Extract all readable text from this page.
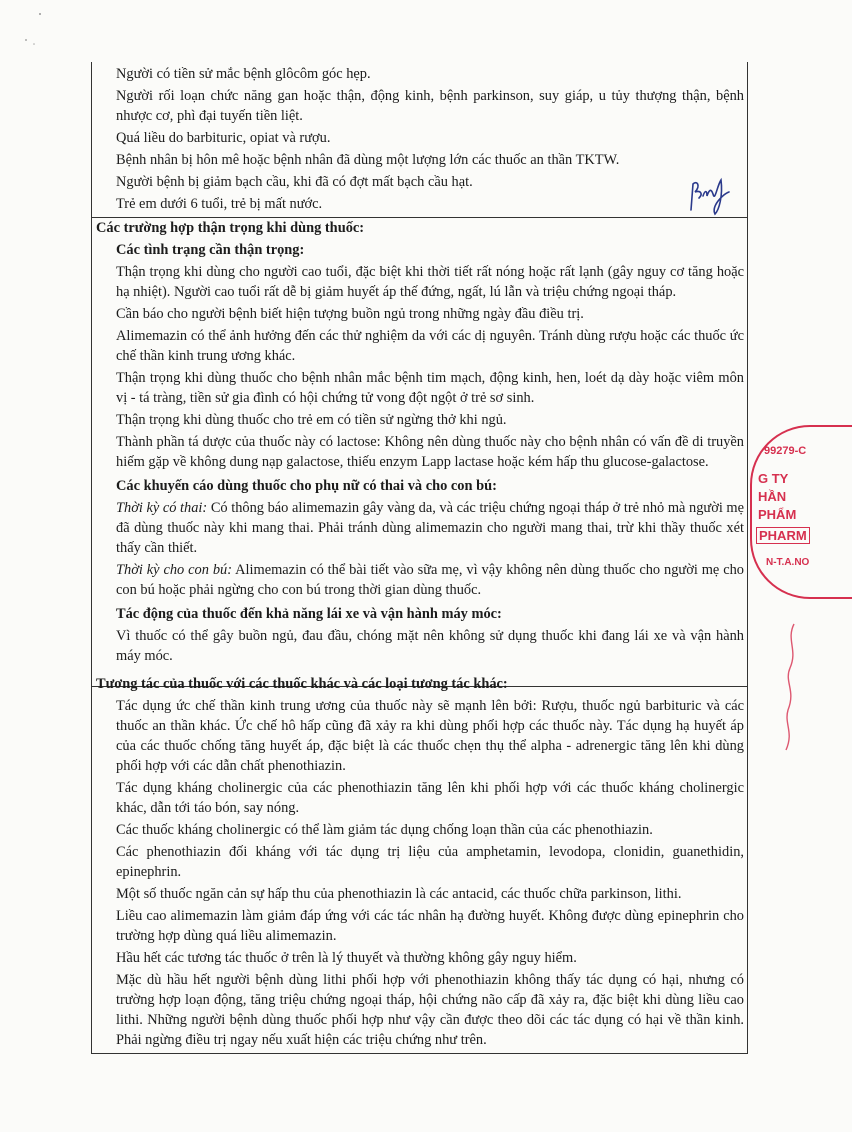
Người có tiền sử mắc bệnh glôcôm góc hẹp.

Người rối loạn chức năng gan hoặc thận, động kinh, bệnh parkinson, suy giáp, u tủy thượng thận, bệnh nhược cơ, phì đại tuyến tiền liệt.

Quá liều do barbituric, opiat và rượu.

Bệnh nhân bị hôn mê hoặc bệnh nhân đã dùng một lượng lớn các thuốc an thần TKTW.

Người bệnh bị giảm bạch cầu, khi đã có đợt mất bạch cầu hạt.

Trẻ em dưới 6 tuổi, trẻ bị mất nước.

Các trường hợp thận trọng khi dùng thuốc:

Các tình trạng cần thận trọng:

Thận trọng khi dùng cho người cao tuổi, đặc biệt khi thời tiết rất nóng hoặc rất lạnh (gây nguy cơ tăng hoặc hạ nhiệt). Người cao tuổi rất dễ bị giảm huyết áp thế đứng, ngất, lú lẫn và triệu chứng ngoại tháp.

Cần báo cho người bệnh biết hiện tượng buồn ngủ trong những ngày đầu điều trị.

Alimemazin có thể ảnh hưởng đến các thử nghiệm da với các dị nguyên. Tránh dùng rượu hoặc các thuốc ức chế thần kinh trung ương khác.

Thận trọng khi dùng thuốc cho bệnh nhân mắc bệnh tim mạch, động kinh, hen, loét dạ dày hoặc viêm môn vị - tá tràng, tiền sử gia đình có hội chứng tử vong đột ngột ở trẻ sơ sinh.

Thận trọng khi dùng thuốc cho trẻ em có tiền sử ngừng thở khi ngủ.

Thành phần tá dược của thuốc này có lactose: Không nên dùng thuốc này cho bệnh nhân có vấn đề di truyền hiếm gặp về không dung nạp galactose, thiếu enzym Lapp lactase hoặc kém hấp thu glucose-galactose.

Các khuyến cáo dùng thuốc cho phụ nữ có thai và cho con bú:

Thời kỳ có thai: Có thông báo alimemazin gây vàng da, và các triệu chứng ngoại tháp ở trẻ nhỏ mà người mẹ đã dùng thuốc này khi mang thai. Phải tránh dùng alimemazin cho người mang thai, trừ khi thầy thuốc xét thấy cần thiết.

Thời kỳ cho con bú: Alimemazin có thể bài tiết vào sữa mẹ, vì vậy không nên dùng thuốc cho người mẹ cho con bú hoặc phải ngừng cho con bú trong thời gian dùng thuốc.

Tác động của thuốc đến khả năng lái xe và vận hành máy móc:

Vì thuốc có thể gây buồn ngủ, đau đầu, chóng mặt nên không sử dụng thuốc khi đang lái xe và vận hành máy móc.

Tương tác của thuốc với các thuốc khác và các loại tương tác khác:

Tác dụng ức chế thần kinh trung ương của thuốc này sẽ mạnh lên bởi: Rượu, thuốc ngủ barbituric và các thuốc an thần khác. Ức chế hô hấp cũng đã xảy ra khi dùng phối hợp các thuốc này. Tác dụng hạ huyết áp của các thuốc chống tăng huyết áp, đặc biệt là các thuốc chẹn thụ thể alpha - adrenergic tăng lên khi dùng phối hợp với các dẫn chất phenothiazin.

Tác dụng kháng cholinergic của các phenothiazin tăng lên khi phối hợp với các thuốc kháng cholinergic khác, dẫn tới táo bón, say nóng.

Các thuốc kháng cholinergic có thể làm giảm tác dụng chống loạn thần của các phenothiazin.

Các phenothiazin đối kháng với tác dụng trị liệu của amphetamin, levodopa, clonidin, guanethidin, epinephrin.

Một số thuốc ngăn cản sự hấp thu của phenothiazin là các antacid, các thuốc chữa parkinson, lithi.

Liều cao alimemazin làm giảm đáp ứng với các tác nhân hạ đường huyết. Không được dùng epinephrin cho trường hợp dùng quá liều alimemazin.

Hầu hết các tương tác thuốc ở trên là lý thuyết và thường không gây nguy hiểm.

Mặc dù hầu hết người bệnh dùng lithi phối hợp với phenothiazin không thấy tác dụng có hại, nhưng có trường hợp loạn động, tăng triệu chứng ngoại tháp, hội chứng não cấp đã xảy ra, đặc biệt khi dùng liều cao lithi. Những người bệnh dùng thuốc phối hợp như vậy cần được theo dõi các tác dụng có hại về thần kinh. Phải ngừng điều trị ngay nếu xuất hiện các triệu chứng như trên.

99279-C
G TY
HẦN
PHẨM
PHARM
N-T.A.NO
